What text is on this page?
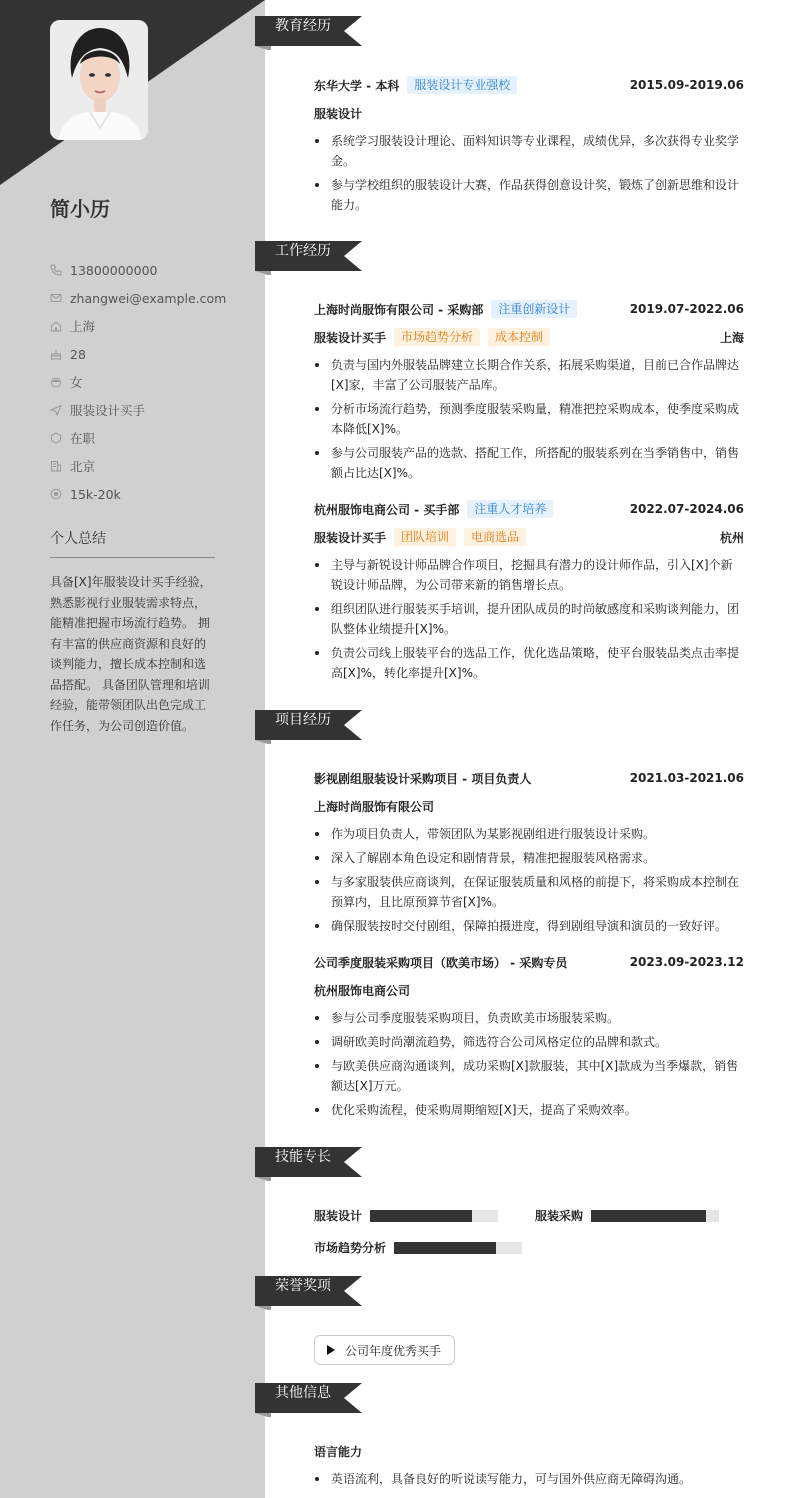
简小历
13800000000
zhangwei@example.com
上海
28
女
服装设计买手
在职
北京
15k-20k
个人总结

具备[X]年服装设计买手经验，熟悉影视行业服装需求特点，能精准把握市场流行趋势。 拥有丰富的供应商资源和良好的谈判能力，擅长成本控制和选品搭配。 具备团队管理和培训经验，能带领团队出色完成工作任务，为公司创造价值。

教育经历
东华大学 - 本科	服装设计专业强校	2015.09-2019.06
服装设计
系统学习服装设计理论、面料知识等专业课程，成绩优异，多次获得专业奖学金。
参与学校组织的服装设计大赛，作品获得创意设计奖，锻炼了创新思维和设计能力。
工作经历
上海时尚服饰有限公司 - 采购部	注重创新设计	2019.07-2022.06
服装设计买手	市场趋势分析	成本控制	上海
负责与国内外服装品牌建立长期合作关系，拓展采购渠道，目前已合作品牌达[X]家，丰富了公司服装产品库。
分析市场流行趋势，预测季度服装采购量，精准把控采购成本，使季度采购成本降低[X]%。
参与公司服装产品的选款、搭配工作，所搭配的服装系列在当季销售中，销售额占比达[X]%。
杭州服饰电商公司 - 买手部	注重人才培养	2022.07-2024.06
服装设计买手	团队培训	电商选品	杭州
主导与新锐设计师品牌合作项目，挖掘具有潜力的设计师作品，引入[X]个新锐设计师品牌，为公司带来新的销售增长点。
组织团队进行服装买手培训，提升团队成员的时尚敏感度和采购谈判能力，团队整体业绩提升[X]%。
负责公司线上服装平台的选品工作，优化选品策略，使平台服装品类点击率提高[X]%，转化率提升[X]%。
项目经历
影视剧组服装设计采购项目 - 项目负责人	2021.03-2021.06
上海时尚服饰有限公司
作为项目负责人，带领团队为某影视剧组进行服装设计采购。
深入了解剧本角色设定和剧情背景，精准把握服装风格需求。
与多家服装供应商谈判，在保证服装质量和风格的前提下，将采购成本控制在预算内，且比原预算节省[X]%。
确保服装按时交付剧组，保障拍摄进度，得到剧组导演和演员的一致好评。
公司季度服装采购项目（欧美市场） - 采购专员	2023.09-2023.12
杭州服饰电商公司
参与公司季度服装采购项目，负责欧美市场服装采购。
调研欧美时尚潮流趋势，筛选符合公司风格定位的品牌和款式。
与欧美供应商沟通谈判，成功采购[X]款服装，其中[X]款成为当季爆款，销售额达[X]万元。
优化采购流程，使采购周期缩短[X]天，提高了采购效率。
技能专长
服装设计	服装采购
市场趋势分析
荣誉奖项
公司年度优秀买手
其他信息
语言能力
英语流利，具备良好的听说读写能力，可与国外供应商无障碍沟通。
